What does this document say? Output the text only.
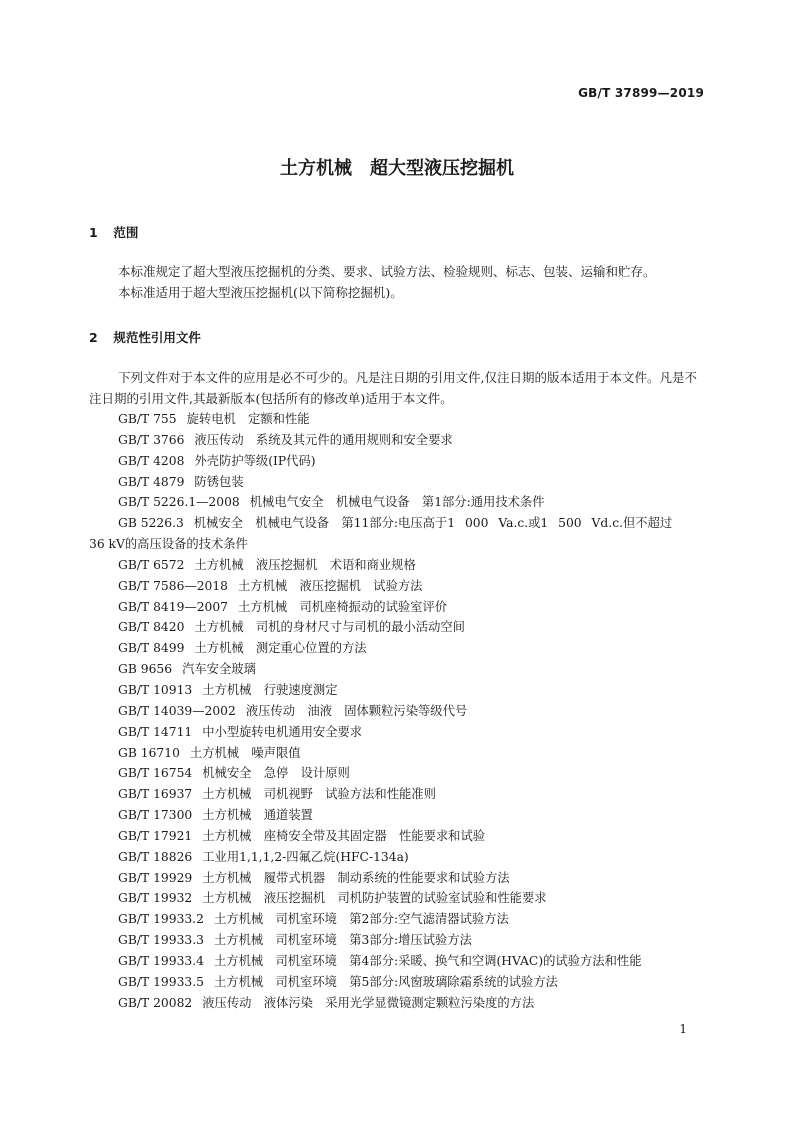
GB/T 37899—2019
土方机械　超大型液压挖掘机
1 范围

本标准规定了超大型液压挖掘机的分类、要求、试验方法、检验规则、标志、包装、运输和贮存。

本标准适用于超大型液压挖掘机(以下简称挖掘机)。

2 规范性引用文件

下列文件对于本文件的应用是必不可少的。凡是注日期的引用文件,仅注日期的版本适用于本文件。凡是不注日期的引用文件,其最新版本(包括所有的修改单)适用于本文件。

GB/T 755 旋转电机　定额和性能
GB/T 3766 液压传动　系统及其元件的通用规则和安全要求
GB/T 4208 外壳防护等级(IP代码)
GB/T 4879 防锈包装
GB/T 5226.1—2008 机械电气安全　机械电气设备　第1部分:通用技术条件
GB 5226.3 机械安全　机械电气设备　第11部分:电压高于1 000 Va.c.或1 500 Vd.c.但不超过
36 kV的高压设备的技术条件
GB/T 6572 土方机械　液压挖掘机　术语和商业规格
GB/T 7586—2018 土方机械　液压挖掘机　试验方法
GB/T 8419—2007 土方机械　司机座椅振动的试验室评价
GB/T 8420 土方机械　司机的身材尺寸与司机的最小活动空间
GB/T 8499 土方机械　测定重心位置的方法
GB 9656 汽车安全玻璃
GB/T 10913 土方机械　行驶速度测定
GB/T 14039—2002 液压传动　油液　固体颗粒污染等级代号
GB/T 14711 中小型旋转电机通用安全要求
GB 16710 土方机械　噪声限值
GB/T 16754 机械安全　急停　设计原则
GB/T 16937 土方机械　司机视野　试验方法和性能准则
GB/T 17300 土方机械　通道装置
GB/T 17921 土方机械　座椅安全带及其固定器　性能要求和试验
GB/T 18826 工业用1,1,1,2-四氟乙烷(HFC-134a)
GB/T 19929 土方机械　履带式机器　制动系统的性能要求和试验方法
GB/T 19932 土方机械　液压挖掘机　司机防护装置的试验室试验和性能要求
GB/T 19933.2 土方机械　司机室环境　第2部分:空气滤清器试验方法
GB/T 19933.3 土方机械　司机室环境　第3部分:增压试验方法
GB/T 19933.4 土方机械　司机室环境　第4部分:采暖、换气和空调(HVAC)的试验方法和性能
GB/T 19933.5 土方机械　司机室环境　第5部分:风窗玻璃除霜系统的试验方法
GB/T 20082 液压传动　液体污染　采用光学显微镜测定颗粒污染度的方法
1
